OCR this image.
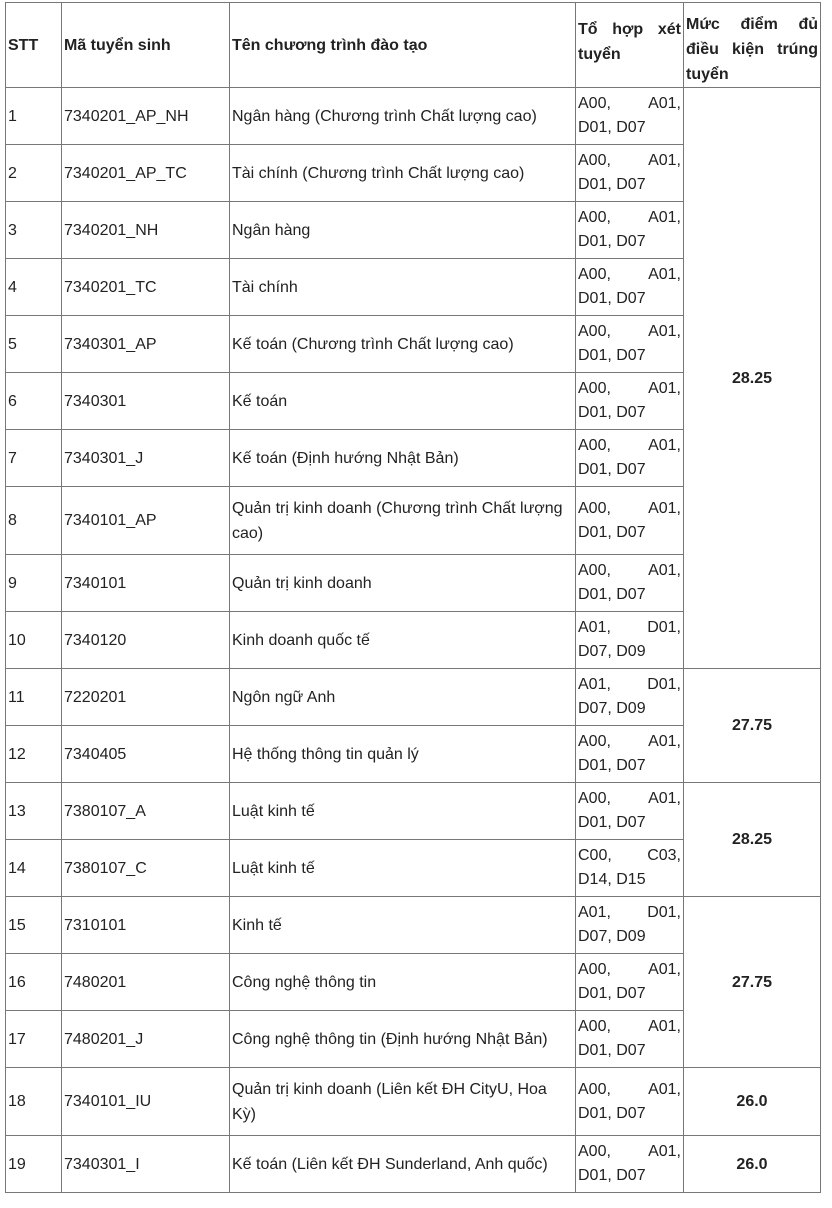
STT	Mã tuyển sinh	Tên chương trình đào tạo	Tổ hợp xét tuyển	Mức điểm đủ điều kiện trúng tuyển
1	7340201_AP_NH	Ngân hàng (Chương trình Chất lượng cao)	A00, A01, D01, D07	28.25
2	7340201_AP_TC	Tài chính (Chương trình Chất lượng cao)	A00, A01, D01, D07	
3	7340201_NH	Ngân hàng	A00, A01, D01, D07	
4	7340201_TC	Tài chính	A00, A01, D01, D07	
5	7340301_AP	Kế toán (Chương trình Chất lượng cao)	A00, A01, D01, D07	
6	7340301	Kế toán	A00, A01, D01, D07	
7	7340301_J	Kế toán (Định hướng Nhật Bản)	A00, A01, D01, D07	
8	7340101_AP	Quản trị kinh doanh (Chương trình Chất lượng cao)	A00, A01, D01, D07	
9	7340101	Quản trị kinh doanh	A00, A01, D01, D07	
10	7340120	Kinh doanh quốc tế	A01, D01, D07, D09	
11	7220201	Ngôn ngữ Anh	A01, D01, D07, D09	27.75
12	7340405	Hệ thống thông tin quản lý	A00, A01, D01, D07	
13	7380107_A	Luật kinh tế	A00, A01, D01, D07	28.25
14	7380107_C	Luật kinh tế	C00, C03, D14, D15	
15	7310101	Kinh tế	A01, D01, D07, D09	27.75
16	7480201	Công nghệ thông tin	A00, A01, D01, D07	
17	7480201_J	Công nghệ thông tin (Định hướng Nhật Bản)	A00, A01, D01, D07	
18	7340101_IU	Quản trị kinh doanh (Liên kết ĐH CityU, Hoa Kỳ)	A00, A01, D01, D07	26.0
19	7340301_I	Kế toán (Liên kết ĐH Sunderland, Anh quốc)	A00, A01, D01, D07	26.0
